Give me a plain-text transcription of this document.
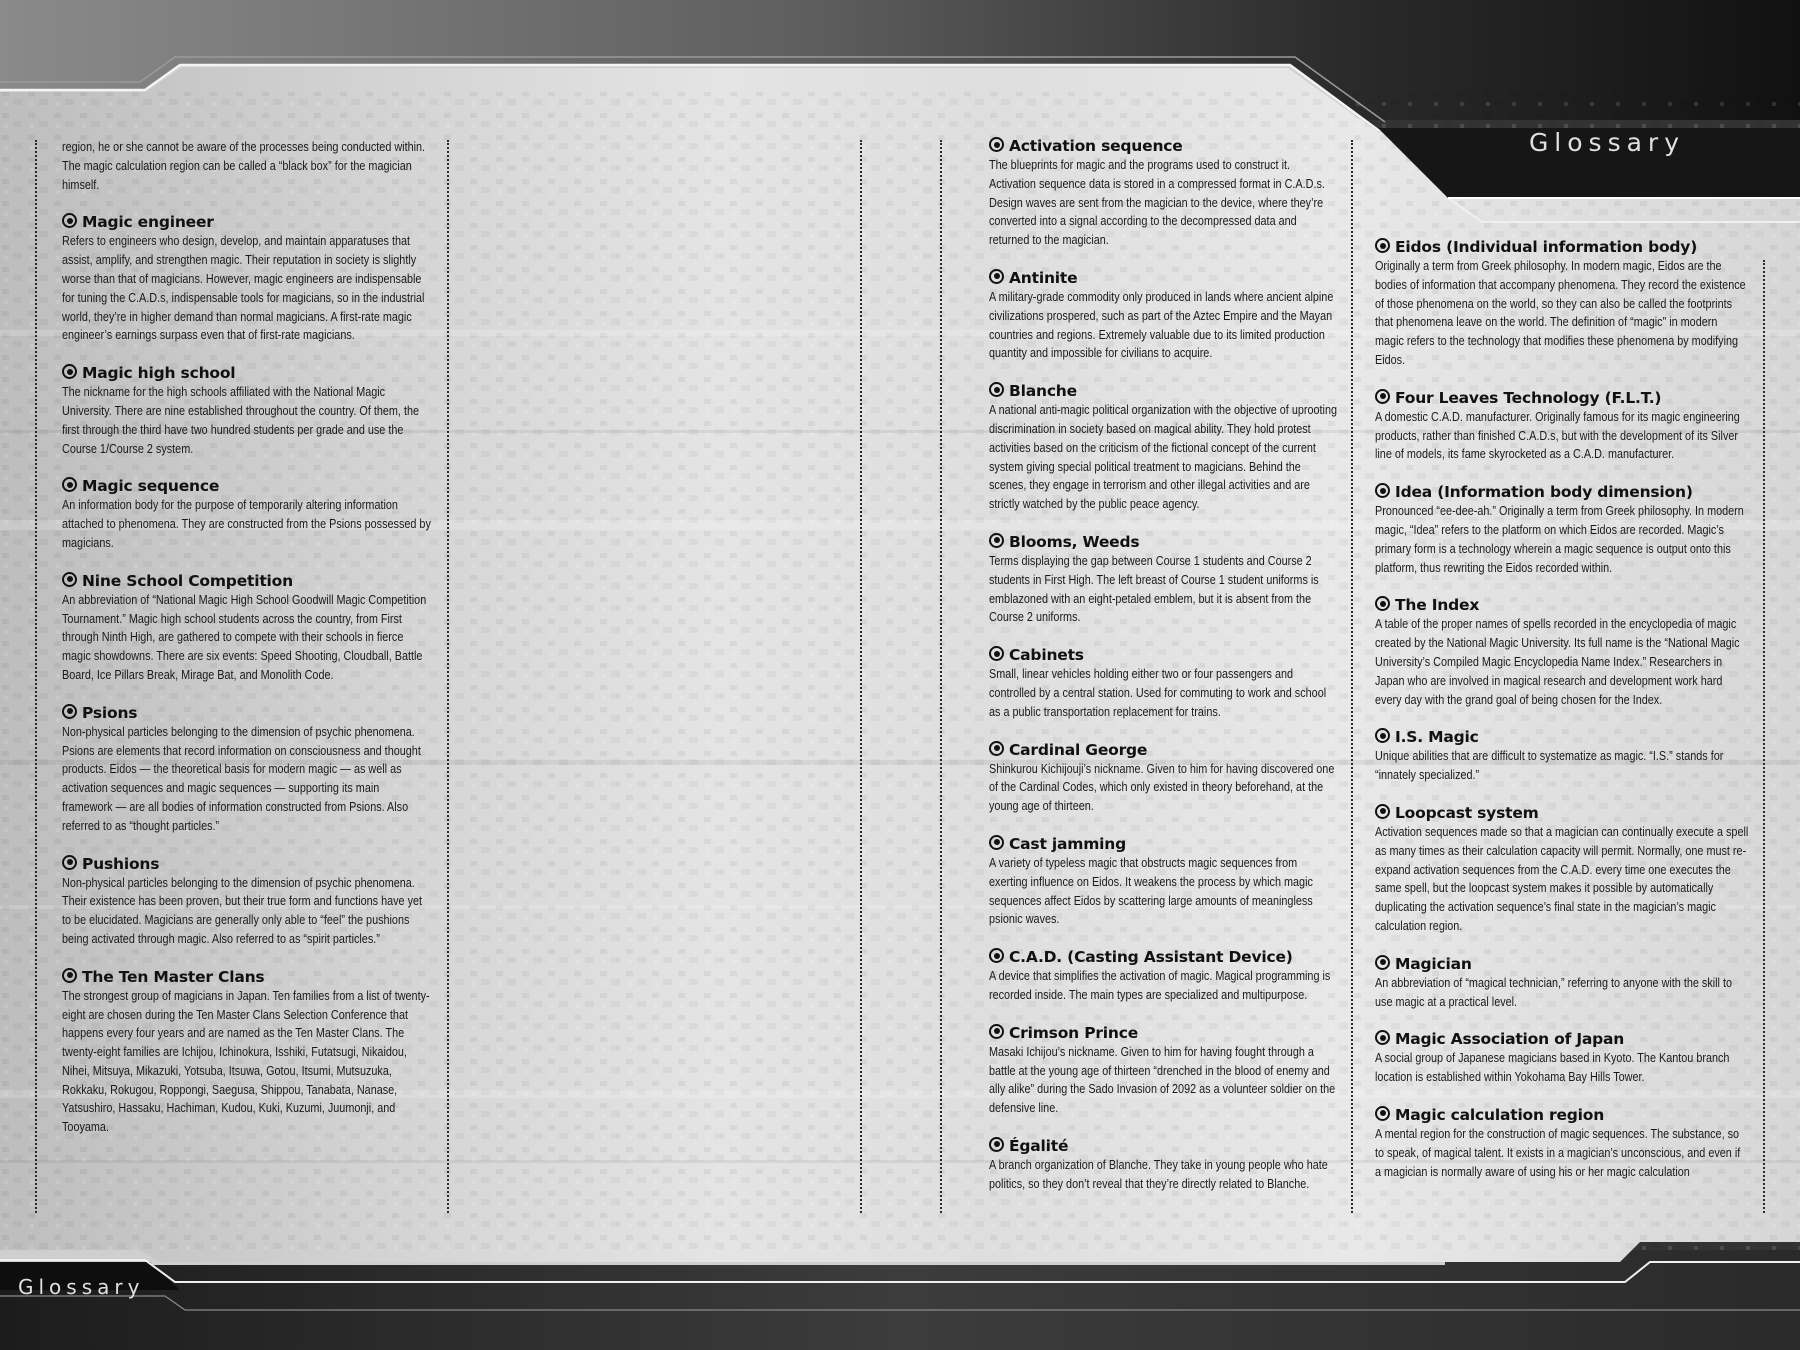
Glossary
Glossary
region, he or she cannot be aware of the processes being conducted within. The magic calculation region can be called a “black box” for the magician himself.
Magic engineer
Refers to engineers who design, develop, and maintain apparatuses that assist, amplify, and strengthen magic. Their reputation in society is slightly worse than that of magicians. However, magic engineers are indispensable for tuning the C.A.D.s, indispensable tools for magicians, so in the industrial world, they’re in higher demand than normal magicians. A first-rate magic engineer’s earnings surpass even that of first-rate magicians.
Magic high school
The nickname for the high schools affiliated with the National Magic University. There are nine established throughout the country. Of them, the first through the third have two hundred students per grade and use the Course 1/Course 2 system.
Magic sequence
An information body for the purpose of temporarily altering information attached to phenomena. They are constructed from the Psions possessed by magicians.
Nine School Competition
An abbreviation of “National Magic High School Goodwill Magic Competition Tournament.” Magic high school students across the country, from First through Ninth High, are gathered to compete with their schools in fierce magic showdowns. There are six events: Speed Shooting, Cloudball, Battle Board, Ice Pillars Break, Mirage Bat, and Monolith Code.
Psions
Non-physical particles belonging to the dimension of psychic phenomena. Psions are elements that record information on consciousness and thought products. Eidos — the theoretical basis for modern magic — as well as activation sequences and magic sequences — supporting its main framework — are all bodies of information constructed from Psions. Also referred to as “thought particles.”
Pushions
Non-physical particles belonging to the dimension of psychic phenomena. Their existence has been proven, but their true form and functions have yet to be elucidated. Magicians are generally only able to “feel” the pushions being activated through magic. Also referred to as “spirit particles.”
The Ten Master Clans
The strongest group of magicians in Japan. Ten families from a list of twenty-eight are chosen during the Ten Master Clans Selection Conference that happens every four years and are named as the Ten Master Clans. The twenty-eight families are Ichijou, Ichinokura, Isshiki, Futatsugi, Nikaidou, Nihei, Mitsuya, Mikazuki, Yotsuba, Itsuwa, Gotou, Itsumi, Mutsuzuka, Rokkaku, Rokugou, Roppongi, Saegusa, Shippou, Tanabata, Nanase, Yatsushiro, Hassaku, Hachiman, Kudou, Kuki, Kuzumi, Juumonji, and Tooyama.
Activation sequence
The blueprints for magic and the programs used to construct it. Activation sequence data is stored in a compressed format in C.A.D.s. Design waves are sent from the magician to the device, where they’re converted into a signal according to the decompressed data and returned to the magician.
Antinite
A military-grade commodity only produced in lands where ancient alpine civilizations prospered, such as part of the Aztec Empire and the Mayan countries and regions. Extremely valuable due to its limited production quantity and impossible for civilians to acquire.
Blanche
A national anti-magic political organization with the objective of uprooting discrimination in society based on magical ability. They hold protest activities based on the criticism of the fictional concept of the current system giving special political treatment to magicians. Behind the scenes, they engage in terrorism and other illegal activities and are strictly watched by the public peace agency.
Blooms, Weeds
Terms displaying the gap between Course 1 students and Course 2 students in First High. The left breast of Course 1 student uniforms is emblazoned with an eight-petaled emblem, but it is absent from the Course 2 uniforms.
Cabinets
Small, linear vehicles holding either two or four passengers and controlled by a central station. Used for commuting to work and school as a public transportation replacement for trains.
Cardinal George
Shinkurou Kichijouji’s nickname. Given to him for having discovered one of the Cardinal Codes, which only existed in theory beforehand, at the young age of thirteen.
Cast jamming
A variety of typeless magic that obstructs magic sequences from exerting influence on Eidos. It weakens the process by which magic sequences affect Eidos by scattering large amounts of meaningless psionic waves.
C.A.D. (Casting Assistant Device)
A device that simplifies the activation of magic. Magical programming is recorded inside. The main types are specialized and multipurpose.
Crimson Prince
Masaki Ichijou’s nickname. Given to him for having fought through a battle at the young age of thirteen “drenched in the blood of enemy and ally alike” during the Sado Invasion of 2092 as a volunteer soldier on the defensive line.
Égalité
A branch organization of Blanche. They take in young people who hate politics, so they don’t reveal that they’re directly related to Blanche.
Eidos (Individual information body)
Originally a term from Greek philosophy. In modern magic, Eidos are the bodies of information that accompany phenomena. They record the existence of those phenomena on the world, so they can also be called the footprints that phenomena leave on the world. The definition of “magic” in modern magic refers to the technology that modifies these phenomena by modifying Eidos.
Four Leaves Technology (F.L.T.)
A domestic C.A.D. manufacturer. Originally famous for its magic engineering products, rather than finished C.A.D.s, but with the development of its Silver line of models, its fame skyrocketed as a C.A.D. manufacturer.
Idea (Information body dimension)
Pronounced “ee-dee-ah.” Originally a term from Greek philosophy. In modern magic, “Idea” refers to the platform on which Eidos are recorded. Magic’s primary form is a technology wherein a magic sequence is output onto this platform, thus rewriting the Eidos recorded within.
The Index
A table of the proper names of spells recorded in the encyclopedia of magic created by the National Magic University. Its full name is the “National Magic University’s Compiled Magic Encyclopedia Name Index.” Researchers in Japan who are involved in magical research and development work hard every day with the grand goal of being chosen for the Index.
I.S. Magic
Unique abilities that are difficult to systematize as magic. “I.S.” stands for “innately specialized.”
Loopcast system
Activation sequences made so that a magician can continually execute a spell as many times as their calculation capacity will permit. Normally, one must re-expand activation sequences from the C.A.D. every time one executes the same spell, but the loopcast system makes it possible by automatically duplicating the activation sequence’s final state in the magician’s magic calculation region.
Magician
An abbreviation of “magical technician,” referring to anyone with the skill to use magic at a practical level.
Magic Association of Japan
A social group of Japanese magicians based in Kyoto. The Kantou branch location is established within Yokohama Bay Hills Tower.
Magic calculation region
A mental region for the construction of magic sequences. The substance, so to speak, of magical talent. It exists in a magician’s unconscious, and even if a magician is normally aware of using his or her magic calculation
